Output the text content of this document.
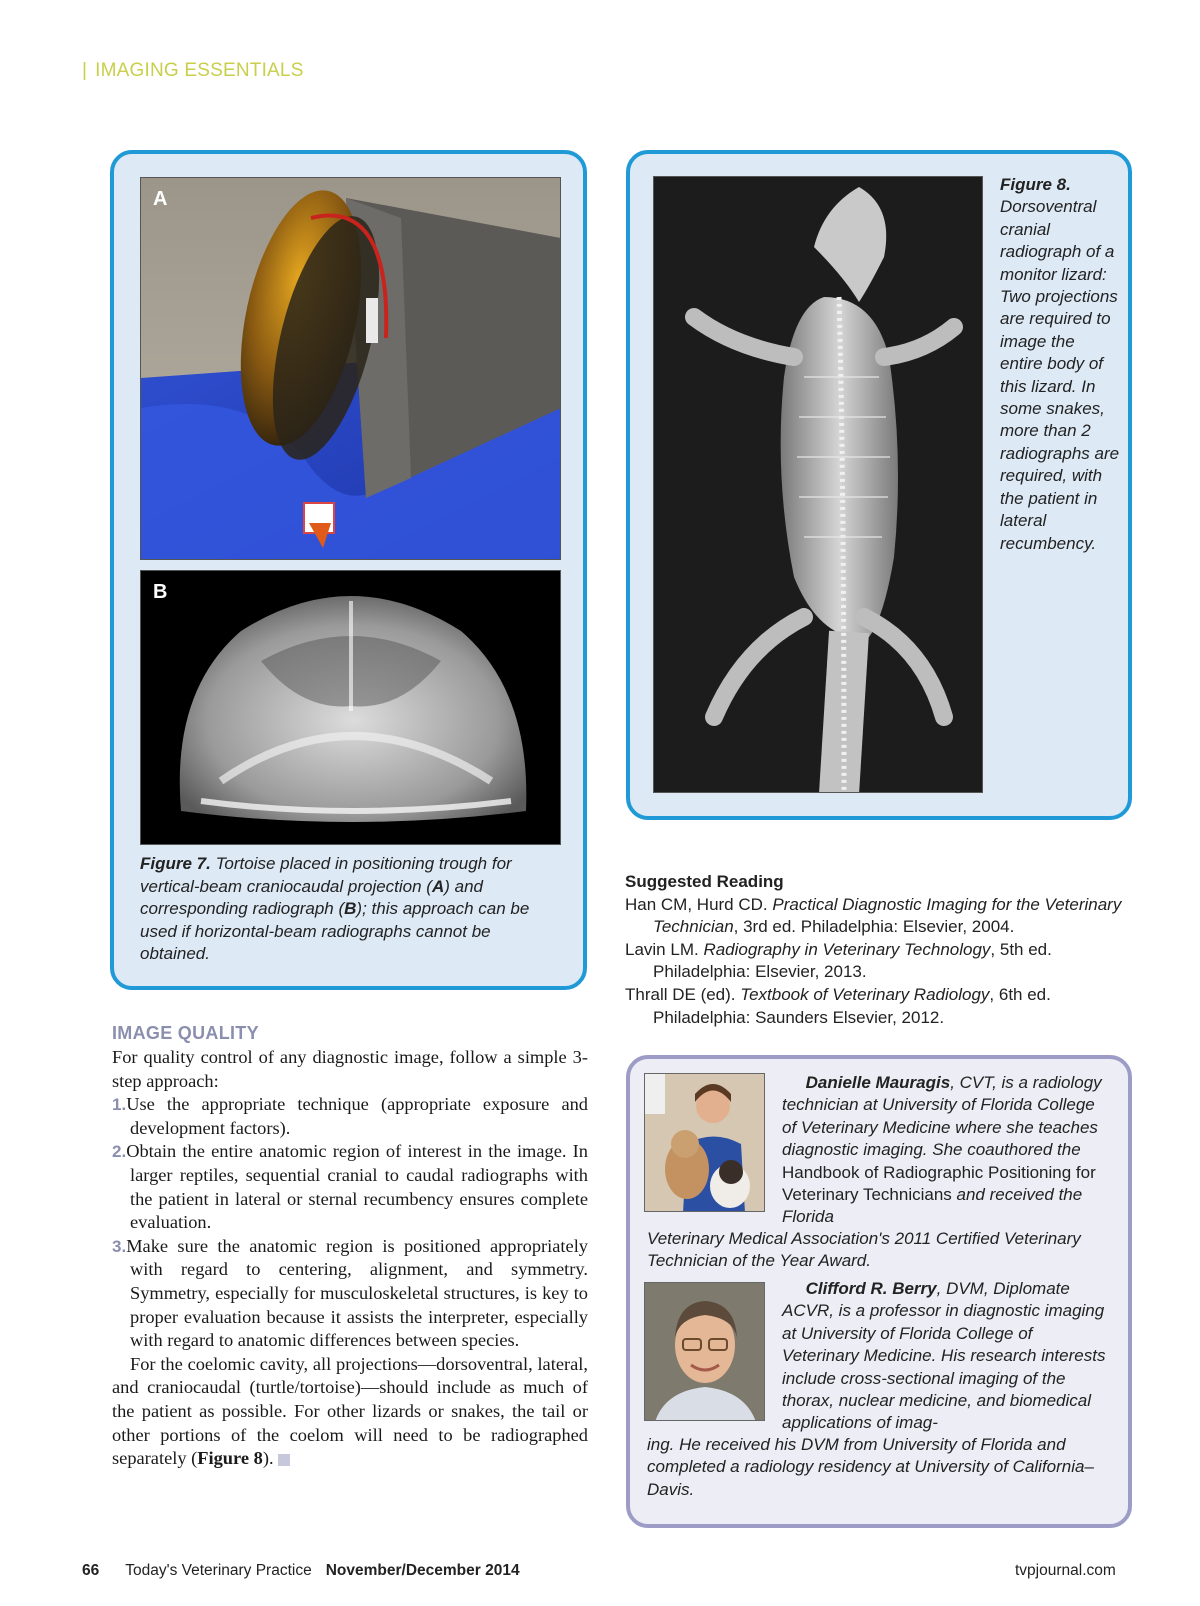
| IMAGING ESSENTIALS
A
B
Figure 7. Tortoise placed in positioning trough for vertical-beam craniocaudal projection (A) and corresponding radiograph (B); this approach can be used if horizontal-beam radiographs cannot be obtained.
Figure 8.
Dorsoventral cranial radiograph of a monitor lizard: Two projections are required to image the entire body of this lizard. In some snakes, more than 2 radiographs are required, with the patient in lateral recumbency.
Suggested Reading
Han CM, Hurd CD. Practical Diagnostic Imaging for the Veterinary Technician, 3rd ed. Philadelphia: Elsevier, 2004.
Lavin LM. Radiography in Veterinary Technology, 5th ed. Philadelphia: Elsevier, 2013.
Thrall DE (ed). Textbook of Veterinary Radiology, 6th ed. Philadelphia: Saunders Elsevier, 2012.
IMAGE QUALITY

For quality control of any diagnostic image, follow a simple 3-step approach:

1.Use the appropriate technique (appropriate exposure and development factors).

2.Obtain the entire anatomic region of interest in the image. In larger reptiles, sequential cranial to caudal radiographs with the patient in lateral or sternal recumbency ensures complete evaluation.

3.Make sure the anatomic region is positioned appropriately with regard to centering, alignment, and symmetry. Symmetry, especially for musculoskeletal structures, is key to proper evaluation because it assists the interpreter, especially with regard to anatomic differences between species.

For the coelomic cavity, all projections—dorsoventral, lateral, and craniocaudal (turtle/tortoise)—should include as much of the patient as possible. For other lizards or snakes, the tail or other portions of the coelom will need to be radiographed separately (Figure 8).

Danielle Mauragis, CVT, is a radiology technician at University of Florida College of Veterinary Medicine where she teaches diagnostic imaging. She coauthored the Handbook of Radiographic Positioning for Veterinary Technicians and received the Florida
Veterinary Medical Association's 2011 Certified Veterinary Technician of the Year Award.
Clifford R. Berry, DVM, Diplomate ACVR, is a professor in diagnostic imaging at University of Florida College of Veterinary Medicine. His research interests include cross-sectional imaging of the thorax, nuclear medicine, and biomedical applications of imag-
ing. He received his DVM from University of Florida and completed a radiology residency at University of California–Davis.
66 Today's Veterinary Practice November/December 2014	tvpjournal.com
